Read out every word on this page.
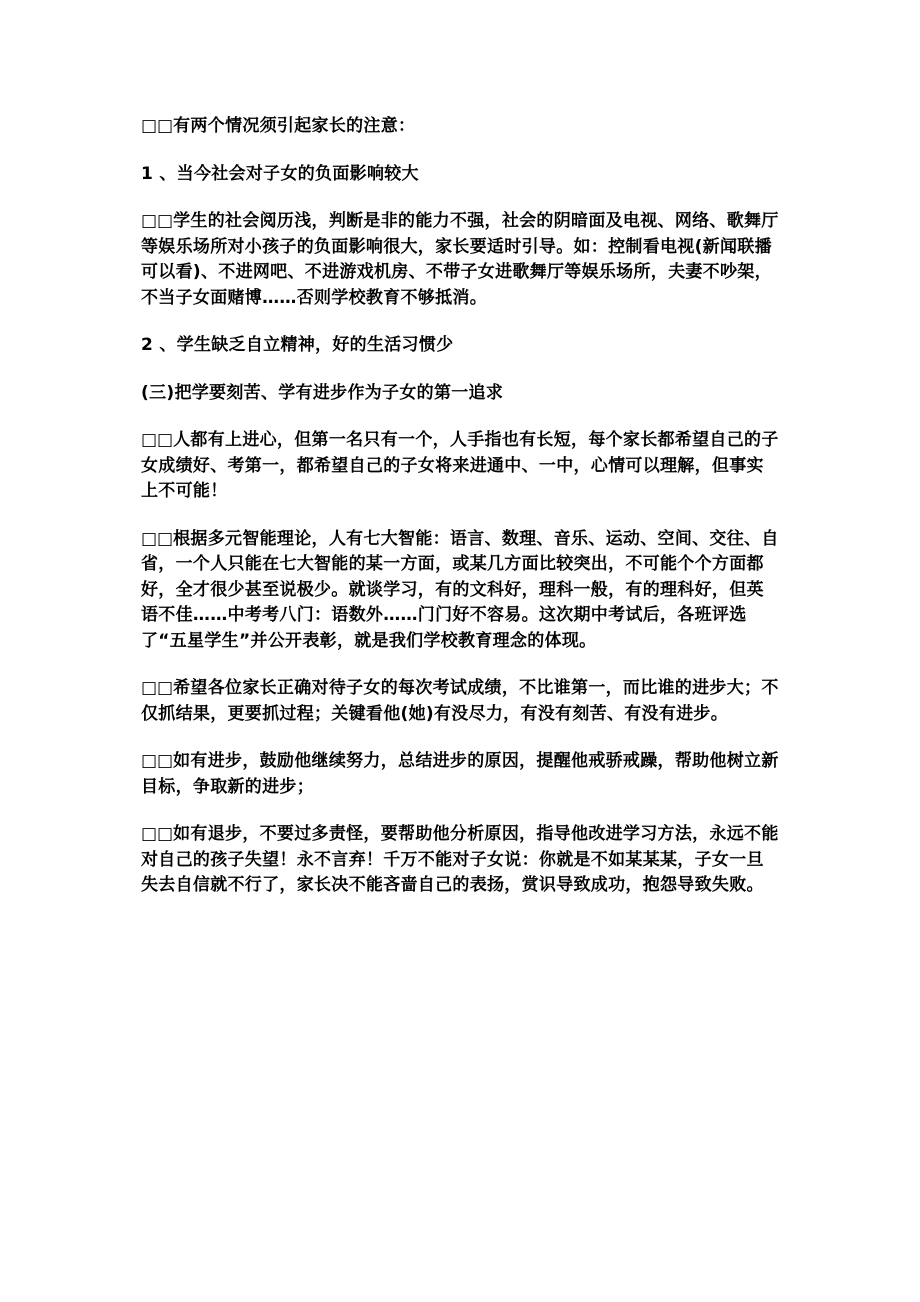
□□有两个情况须引起家长的注意：

1 、当今社会对子女的负面影响较大

□□学生的社会阅历浅，判断是非的能力不强，社会的阴暗面及电视、网络、歌舞厅等娱乐场所对小孩子的负面影响很大，家长要适时引导。如：控制看电视(新闻联播可以看)、不进网吧、不进游戏机房、不带子女进歌舞厅等娱乐场所，夫妻不吵架，不当子女面赌博……否则学校教育不够抵消。

2 、学生缺乏自立精神，好的生活习惯少

(三)把学要刻苦、学有进步作为子女的第一追求

□□人都有上进心，但第一名只有一个，人手指也有长短，每个家长都希望自己的子女成绩好、考第一，都希望自己的子女将来进通中、一中，心情可以理解，但事实上不可能！

□□根据多元智能理论，人有七大智能：语言、数理、音乐、运动、空间、交往、自省，一个人只能在七大智能的某一方面，或某几方面比较突出，不可能个个方面都好，全才很少甚至说极少。就谈学习，有的文科好，理科一般，有的理科好，但英语不佳……中考考八门：语数外……门门好不容易。这次期中考试后，各班评选了“五星学生”并公开表彰，就是我们学校教育理念的体现。

□□希望各位家长正确对待子女的每次考试成绩，不比谁第一，而比谁的进步大；不仅抓结果，更要抓过程；关键看他(她)有没尽力，有没有刻苦、有没有进步。

□□如有进步，鼓励他继续努力，总结进步的原因，提醒他戒骄戒躁，帮助他树立新目标，争取新的进步；

□□如有退步，不要过多责怪，要帮助他分析原因，指导他改进学习方法，永远不能对自己的孩子失望！永不言弃！千万不能对子女说：你就是不如某某某，子女一旦失去自信就不行了，家长决不能吝啬自己的表扬，赏识导致成功，抱怨导致失败。
